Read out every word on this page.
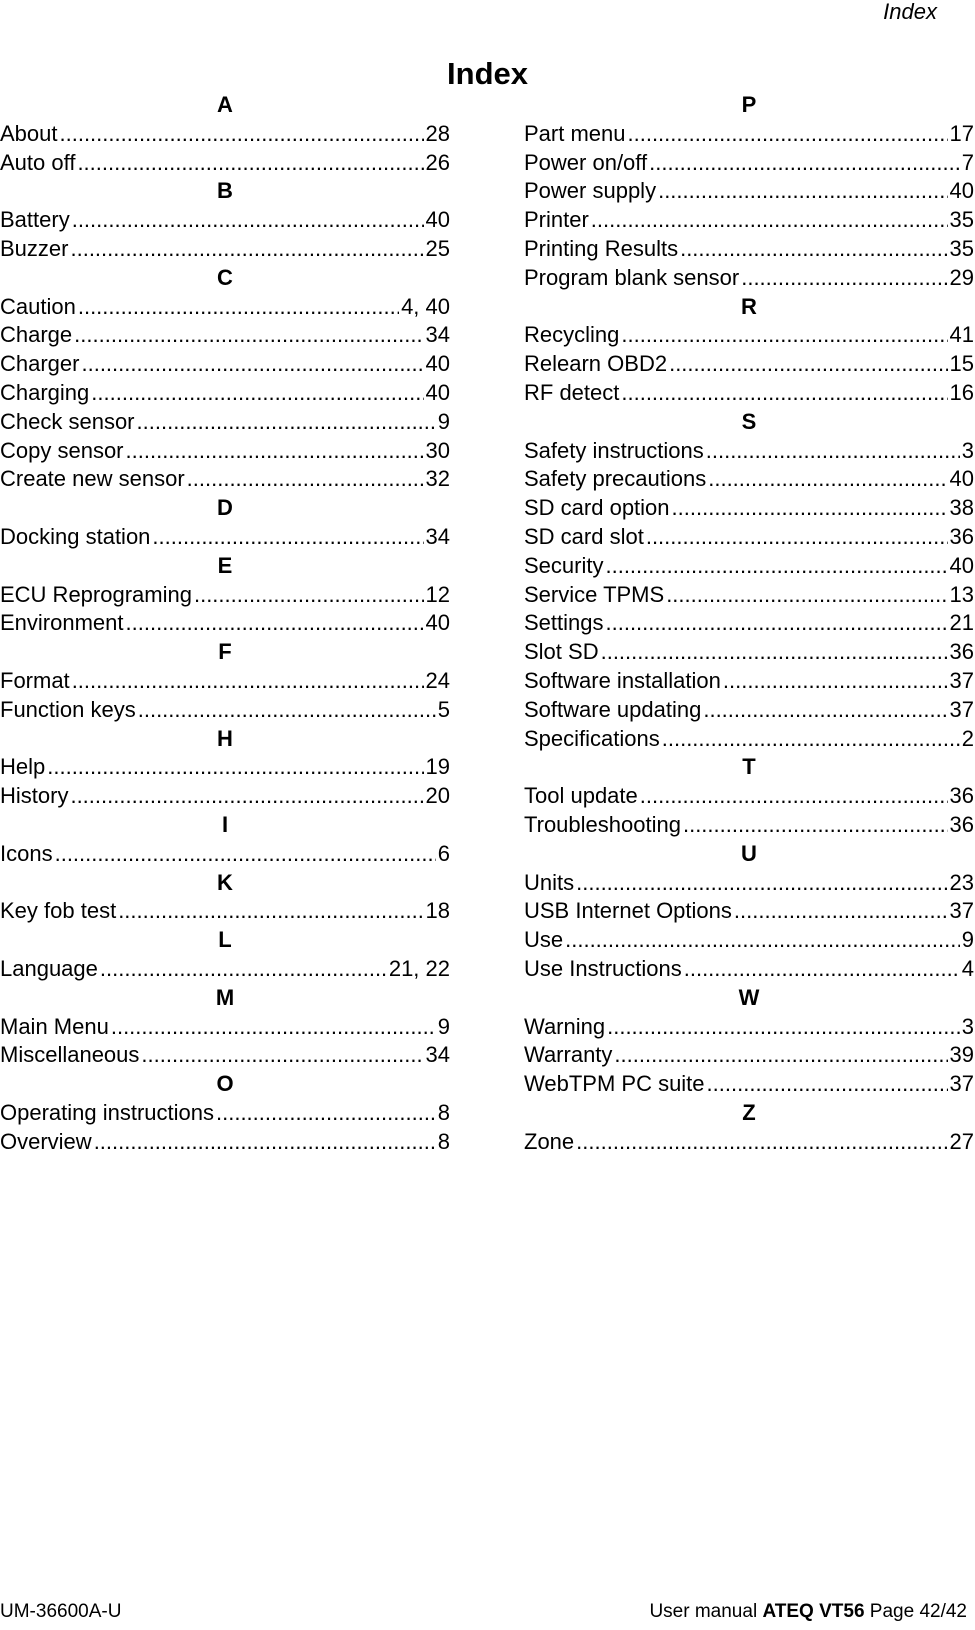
Index
Index
A
About .....	28
Auto off .....	26
B
Battery .....	40
Buzzer .....	25
C
Caution .....	4, 40
Charge .....	34
Charger .....	40
Charging .....	40
Check sensor .....	9
Copy sensor .....	30
Create new sensor .....	32
D
Docking station .....	34
E
ECU Reprograming .....	12
Environment .....	40
F
Format .....	24
Function keys .....	5
H
Help .....	19
History .....	20
I
Icons .....	6
K
Key fob test .....	18
L
Language .....	21, 22
M
Main Menu .....	9
Miscellaneous .....	34
O
Operating instructions .....	8
Overview .....	8
P
Part menu .....	17
Power on/off .....	7
Power supply .....	40
Printer .....	35
Printing Results .....	35
Program blank sensor .....	29
R
Recycling .....	41
Relearn OBD2 .....	15
RF detect .....	16
S
Safety instructions .....	3
Safety precautions .....	40
SD card option .....	38
SD card slot .....	36
Security .....	40
Service TPMS .....	13
Settings .....	21
Slot SD .....	36
Software installation .....	37
Software updating .....	37
Specifications .....	2
T
Tool update .....	36
Troubleshooting .....	36
U
Units .....	23
USB Internet Options .....	37
Use .....	9
Use Instructions .....	4
W
Warning .....	3
Warranty .....	39
WebTPM PC suite .....	37
Z
Zone .....	27
UM-36600A-U	User manual ATEQ VT56 Page 42/42
